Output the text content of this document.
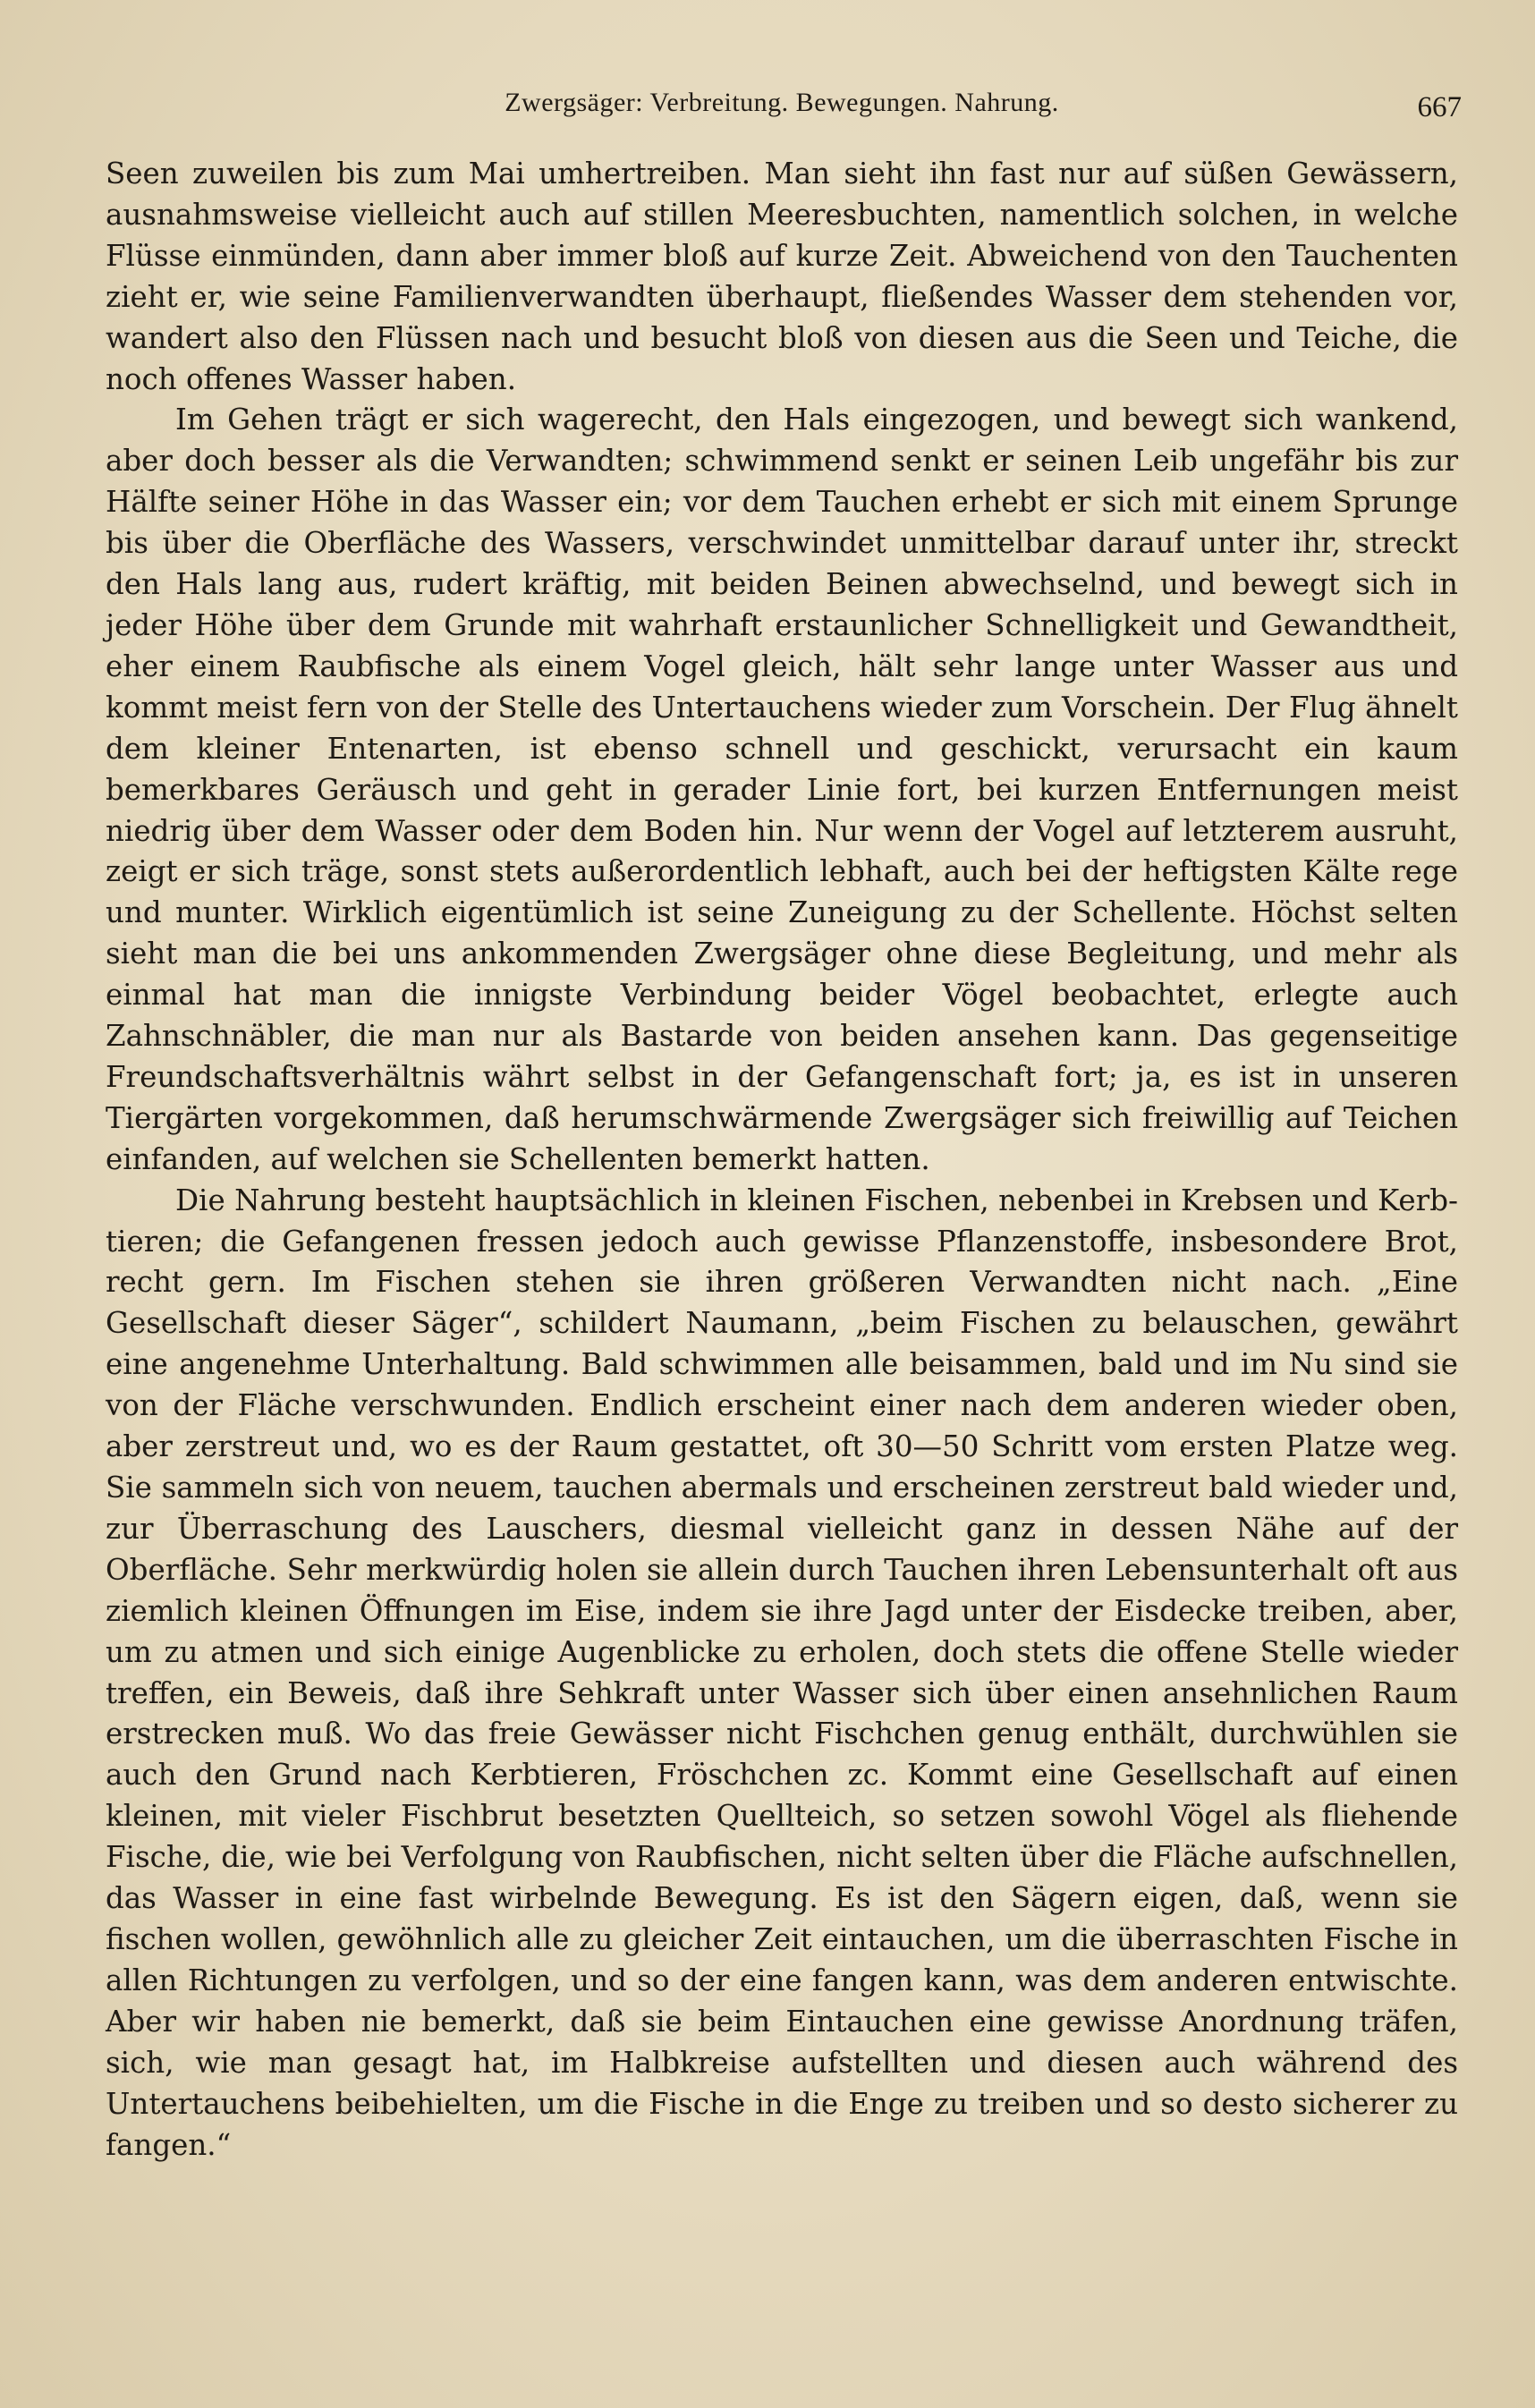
Zwergsäger: Verbreitung. Bewegungen. Nahrung.	667

Seen zuweilen bis zum Mai umhertreiben. Man sieht ihn fast nur auf süßen Gewässern, ausnahmsweise vielleicht auch auf stillen Meeresbuchten, namentlich solchen, in welche Flüsse einmünden, dann aber immer bloß auf kurze Zeit. Abweichend von den Tauchenten zieht er, wie seine Familienverwandten überhaupt, fließendes Wasser dem stehenden vor, wandert also den Flüssen nach und besucht bloß von diesen aus die Seen und Teiche, die noch offenes Wasser haben.

Im Gehen trägt er sich wagerecht, den Hals eingezogen, und bewegt sich wankend, aber doch besser als die Verwandten; schwimmend senkt er seinen Leib ungefähr bis zur Hälfte seiner Höhe in das Wasser ein; vor dem Tauchen erhebt er sich mit einem Sprunge bis über die Oberfläche des Wassers, verschwindet unmittelbar darauf unter ihr, streckt den Hals lang aus, rudert kräftig, mit beiden Beinen abwechselnd, und bewegt sich in jeder Höhe über dem Grunde mit wahrhaft erstaunlicher Schnelligkeit und Gewandtheit, eher einem Raubfische als einem Vogel gleich, hält sehr lange unter Wasser aus und kommt meist fern von der Stelle des Untertauchens wieder zum Vorschein. Der Flug ähnelt dem kleiner Entenarten, ist ebenso schnell und geschickt, verursacht ein kaum bemerkbares Geräusch und geht in gerader Linie fort, bei kurzen Entfernungen meist niedrig über dem Wasser oder dem Boden hin. Nur wenn der Vogel auf letzterem ausruht, zeigt er sich träge, sonst stets außerordentlich lebhaft, auch bei der heftigsten Kälte rege und munter. Wirklich eigentümlich ist seine Zuneigung zu der Schellente. Höchst selten sieht man die bei uns ankommenden Zwergsäger ohne diese Begleitung, und mehr als einmal hat man die innigste Verbindung beider Vögel beobachtet, erlegte auch Zahnschnäbler, die man nur als Bastarde von beiden ansehen kann. Das gegenseitige Freundschaftsverhältnis währt selbst in der Gefangenschaft fort; ja, es ist in unseren Tiergärten vorgekommen, daß herumschwärmende Zwergsäger sich freiwillig auf Teichen einfanden, auf welchen sie Schellenten bemerkt hatten.

Die Nahrung besteht hauptsächlich in kleinen Fischen, nebenbei in Krebsen und Kerbtieren; die Gefangenen fressen jedoch auch gewisse Pflanzenstoffe, insbesondere Brot, recht gern. Im Fischen stehen sie ihren größeren Verwandten nicht nach. „Eine Gesellschaft dieser Säger“, schildert Naumann, „beim Fischen zu belauschen, gewährt eine angenehme Unterhaltung. Bald schwimmen alle beisammen, bald und im Nu sind sie von der Fläche verschwunden. Endlich erscheint einer nach dem anderen wieder oben, aber zerstreut und, wo es der Raum gestattet, oft 30—50 Schritt vom ersten Platze weg. Sie sammeln sich von neuem, tauchen abermals und erscheinen zerstreut bald wieder und, zur Überraschung des Lauschers, diesmal vielleicht ganz in dessen Nähe auf der Oberfläche. Sehr merkwürdig holen sie allein durch Tauchen ihren Lebensunterhalt oft aus ziemlich kleinen Öffnungen im Eise, indem sie ihre Jagd unter der Eisdecke treiben, aber, um zu atmen und sich einige Augenblicke zu erholen, doch stets die offene Stelle wieder treffen, ein Beweis, daß ihre Sehkraft unter Wasser sich über einen ansehnlichen Raum erstrecken muß. Wo das freie Gewässer nicht Fischchen genug enthält, durchwühlen sie auch den Grund nach Kerbtieren, Fröschchen zc. Kommt eine Gesellschaft auf einen kleinen, mit vieler Fischbrut besetzten Quellteich, so setzen sowohl Vögel als fliehende Fische, die, wie bei Verfolgung von Raubfischen, nicht selten über die Fläche aufschnellen, das Wasser in eine fast wirbelnde Bewegung. Es ist den Sägern eigen, daß, wenn sie fischen wollen, gewöhnlich alle zu gleicher Zeit eintauchen, um die überraschten Fische in allen Richtungen zu verfolgen, und so der eine fangen kann, was dem anderen entwischte. Aber wir haben nie bemerkt, daß sie beim Eintauchen eine gewisse Anordnung träfen, sich, wie man gesagt hat, im Halbkreise aufstellten und diesen auch während des Untertauchens beibehielten, um die Fische in die Enge zu treiben und so desto sicherer zu fangen.“
